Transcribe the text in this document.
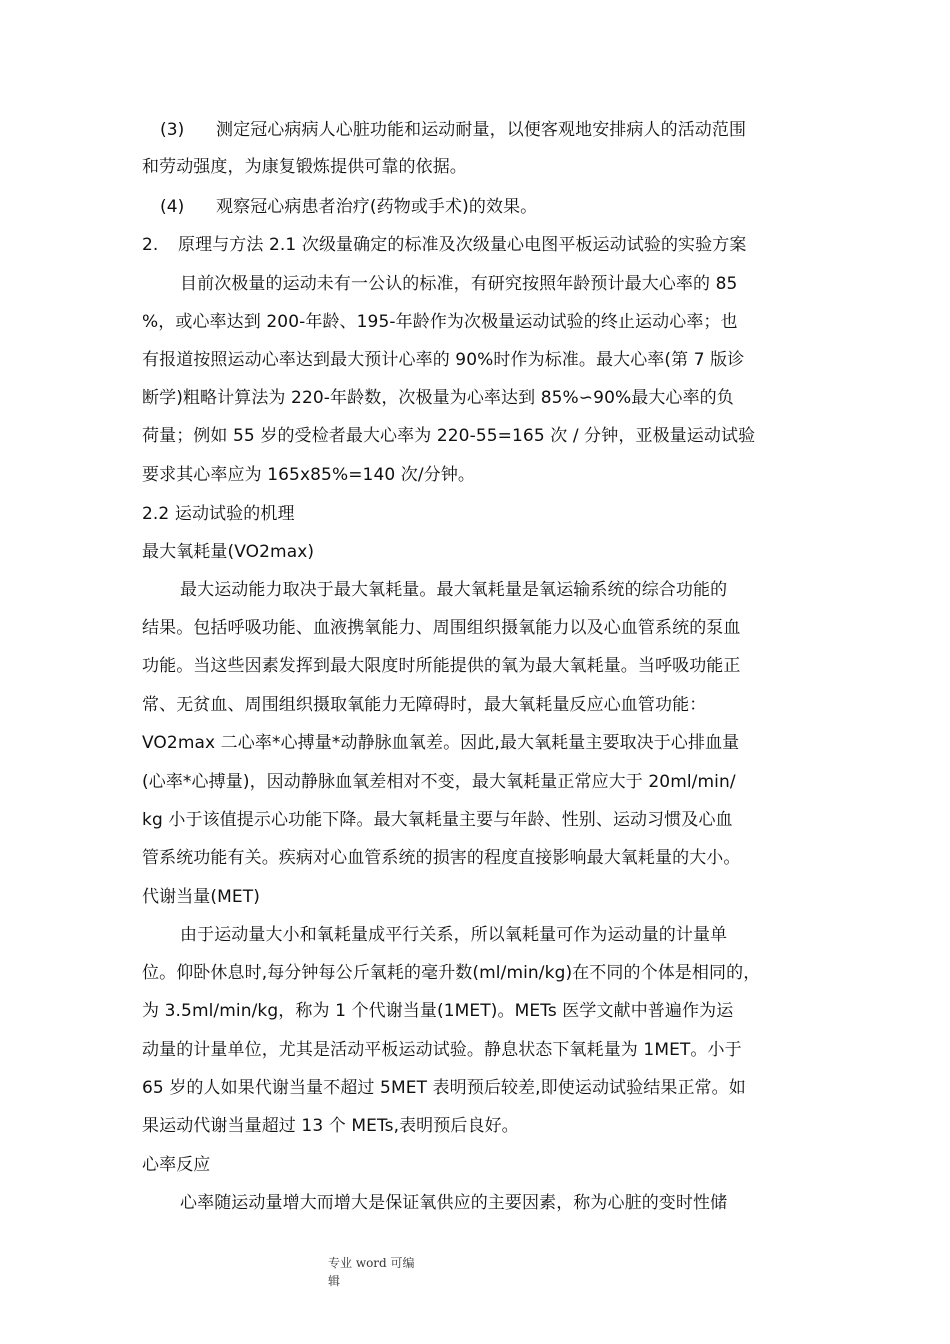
(3) 测定冠心病病人心脏功能和运动耐量，以便客观地安排病人的活动范围
和劳动强度，为康复锻炼提供可靠的依据。
(4) 观察冠心病患者治疗(药物或手术)的效果。
2. 原理与方法 2.1 次级量确定的标准及次级量心电图平板运动试验的实验方案
目前次极量的运动未有一公认的标准，有研究按照年龄预计最大心率的 85
%，或心率达到 200-年龄、195-年龄作为次极量运动试验的终止运动心率；也
有报道按照运动心率达到最大预计心率的 90%时作为标准。最大心率(第 7 版诊
断学)粗略计算法为 220-年龄数，次极量为心率达到 85%∽90%最大心率的负
荷量；例如 55 岁的受检者最大心率为 220-55=165 次 / 分钟，亚极量运动试验
要求其心率应为 165x85%=140 次/分钟。
2.2 运动试验的机理
最大氧耗量(VO2max)
最大运动能力取决于最大氧耗量。最大氧耗量是氧运输系统的综合功能的
结果。包括呼吸功能、血液携氧能力、周围组织摄氧能力以及心血管系统的泵血
功能。当这些因素发挥到最大限度时所能提供的氧为最大氧耗量。当呼吸功能正
常、无贫血、周围组织摄取氧能力无障碍时，最大氧耗量反应心血管功能：
VO2max 二心率*心搏量*动静脉血氧差。因此,最大氧耗量主要取决于心排血量
(心率*心搏量)，因动静脉血氧差相对不变，最大氧耗量正常应大于 20ml/min/
kg 小于该值提示心功能下降。最大氧耗量主要与年龄、性别、运动习惯及心血
管系统功能有关。疾病对心血管系统的损害的程度直接影响最大氧耗量的大小。
代谢当量(MET)
由于运动量大小和氧耗量成平行关系，所以氧耗量可作为运动量的计量单
位。仰卧休息时,每分钟每公斤氧耗的毫升数(ml/min/kg)在不同的个体是相同的，
为 3.5ml/min/kg，称为 1 个代谢当量(1MET)。METs 医学文献中普遍作为运
动量的计量单位，尤其是活动平板运动试验。静息状态下氧耗量为 1MET。小于
65 岁的人如果代谢当量不超过 5MET 表明预后较差,即使运动试验结果正常。如
果运动代谢当量超过 13 个 METs,表明预后良好。
心率反应
心率随运动量增大而增大是保证氧供应的主要因素，称为心脏的变时性储
专业 word 可编
辑
